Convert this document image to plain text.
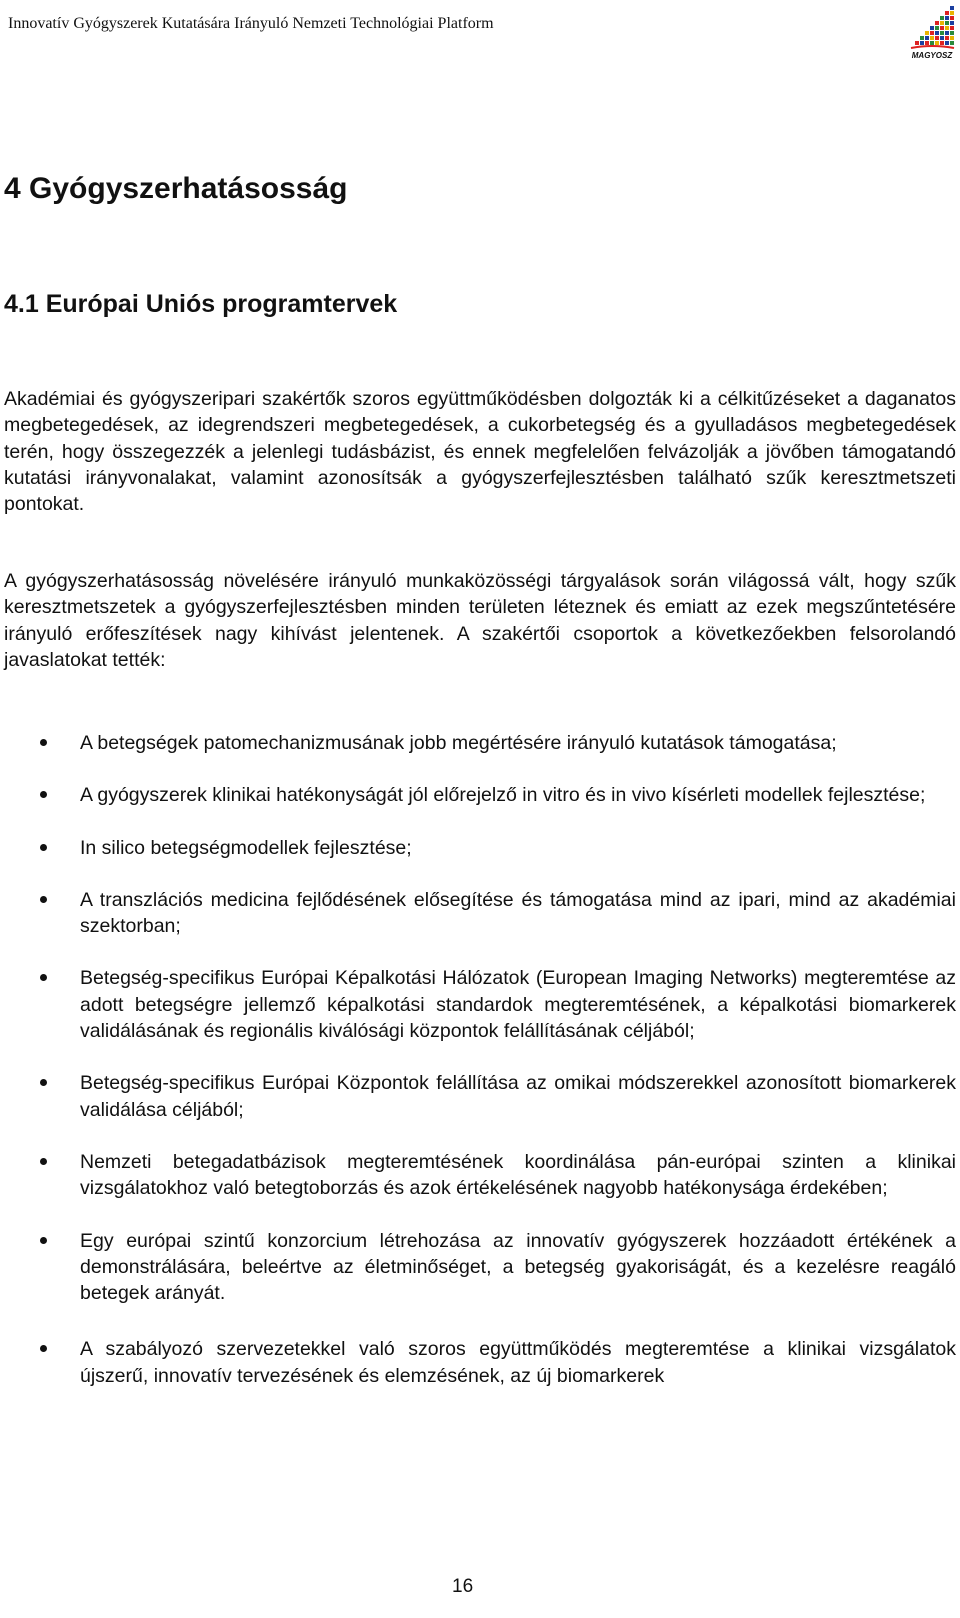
Innovatív Gyógyszerek Kutatására Irányuló Nemzeti Technológiai Platform
MAGYOSZ
4 Gyógyszerhatásosság
4.1 Európai Uniós programtervek

Akadémiai és gyógyszeripari szakértők szoros együttműködésben dolgozták ki a célkitűzéseket a daganatos megbetegedések, az idegrendszeri megbetegedések, a cukorbetegség és a gyulladásos megbetegedések terén, hogy összegezzék a jelenlegi tudásbázist, és ennek megfelelően felvázolják a jövőben támogatandó kutatási irányvonalakat, valamint azonosítsák a gyógyszerfejlesztésben található szűk keresztmetszeti pontokat.

A gyógyszerhatásosság növelésére irányuló munkaközösségi tárgyalások során világossá vált, hogy szűk keresztmetszetek a gyógyszerfejlesztésben minden területen léteznek és emiatt az ezek megszűntetésére irányuló erőfeszítések nagy kihívást jelentenek. A szakértői csoportok a következőekben felsorolandó javaslatokat tették:

A betegségek patomechanizmusának jobb megértésére irányuló kutatások támogatása;
A gyógyszerek klinikai hatékonyságát jól előrejelző in vitro és in vivo kísérleti modellek fejlesztése;
In silico betegségmodellek fejlesztése;
A transzlációs medicina fejlődésének elősegítése és támogatása mind az ipari, mind az akadémiai szektorban;
Betegség-specifikus Európai Képalkotási Hálózatok (European Imaging Networks) megteremtése az adott betegségre jellemző képalkotási standardok megteremtésének, a képalkotási biomarkerek validálásának és regionális kiválósági központok felállításának céljából;
Betegség-specifikus Európai Központok felállítása az omikai módszerekkel azonosított biomarkerek validálása céljából;
Nemzeti betegadatbázisok megteremtésének koordinálása pán-európai szinten a klinikai vizsgálatokhoz való betegtoborzás és azok értékelésének nagyobb hatékonysága érdekében;
Egy európai szintű konzorcium létrehozása az innovatív gyógyszerek hozzáadott értékének a demonstrálására, beleértve az életminőséget, a betegség gyakoriságát, és a kezelésre reagáló betegek arányát.
A szabályozó szervezetekkel való szoros együttműködés megteremtése a klinikai vizsgálatok újszerű, innovatív tervezésének és elemzésének, az új biomarkerek
16
